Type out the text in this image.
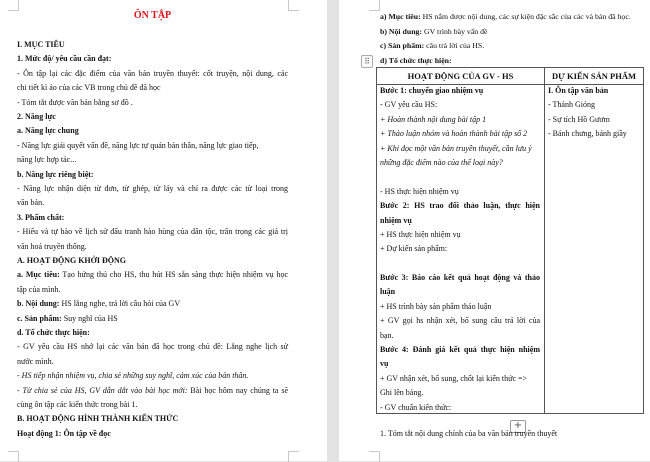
ÔN TẬP
I. MỤC TIÊU
1. Mức độ/ yêu cầu cần đạt:
- Ôn tập lại các đặc điểm của văn bản truyền thuyết: cốt truyện, nội dung, các
chi tiết kì ảo của các VB trong chủ đề đã học
- Tóm tắt được văn bản bằng sơ đồ .
2. Năng lực
a. Năng lực chung
- Năng lực giải quyết vấn đề, năng lực tự quản bản thân, năng lực giao tiếp,
năng lực hợp tác...
b. Năng lực riêng biệt:
- Năng lực nhận diện từ đơn, từ ghép, từ láy và chỉ ra được các từ loại trong
văn bản.
3. Phẩm chất:
- Hiểu và tự hào về lịch sử đấu tranh hào hùng của dân tộc, trân trọng các giá trị
văn hoá truyền thống.
A. HOẠT ĐỘNG KHỞI ĐỘNG
a. Mục tiêu: Tạo hứng thú cho HS, thu hút HS sẵn sàng thực hiện nhiệm vụ học
tập của mình.
b. Nội dung: HS lắng nghe, trả lời câu hỏi của GV
c. Sản phẩm: Suy nghĩ của HS
d. Tổ chức thực hiện:
- GV yêu cầu HS nhớ lại các văn bản đã học trong chủ đề: Lắng nghe lịch sử
nước mình.
- HS tiếp nhận nhiệm vụ, chia sẻ những suy nghĩ, cảm xúc của bản thân.
- Từ chia sẻ của HS, GV dẫn dắt vào bài học mới: Bài học hôm nay chúng ta sẽ
cùng ôn tập các kiến thức trong bài 1.
B. HOẠT ĐỘNG HÌNH THÀNH KIẾN THỨC
Hoạt động 1: Ôn tập về đọc
a) Mục tiêu: HS nắm được nội dung, các sự kiện đặc sắc của các và bản đã học.
b) Nội dung: GV trình bày vấn đề
c) Sản phẩm: câu trả lời của HS.
d) Tổ chức thực hiện:
⠿
HOẠT ĐỘNG CỦA GV - HS	DỰ KIẾN SẢN PHẨM
Bước 1: chuyển giao nhiệm vụ
- GV yêu cầu HS:
+ Hoàn thành nội dung bài tập 1
+ Thảo luận nhóm và hoàn thành bài tập số 2
+ Khi đọc một văn bản truyền thuyết, cần lưu ý
những đặc điểm nào của thể loại này?
- HS thực hiện nhiệm vụ
Bước 2: HS trao đổi thảo luận, thực hiện
nhiệm vụ
+ HS thực hiện nhiệm vụ
+ Dự kiến sản phẩm:
Bước 3: Báo cáo kết quả hoạt động và thảo
luận
+ HS trình bày sản phẩm thảo luận
+ GV gọi hs nhận xét, bổ sung câu trả lời của
bạn.
Bước 4: Đánh giá kết quả thực hiện nhiệm
vụ
+ GV nhận xét, bổ sung, chốt lại kiến thức =>
Ghi lên bảng.
- GV chuẩn kiến thức:
I. Ôn tập văn bản
- Thánh Gióng
- Sự tích Hồ Gươm
- Bánh chưng, bánh giầy
+
1. Tóm tắt nội dung chính của ba văn bản truyền thuyết
